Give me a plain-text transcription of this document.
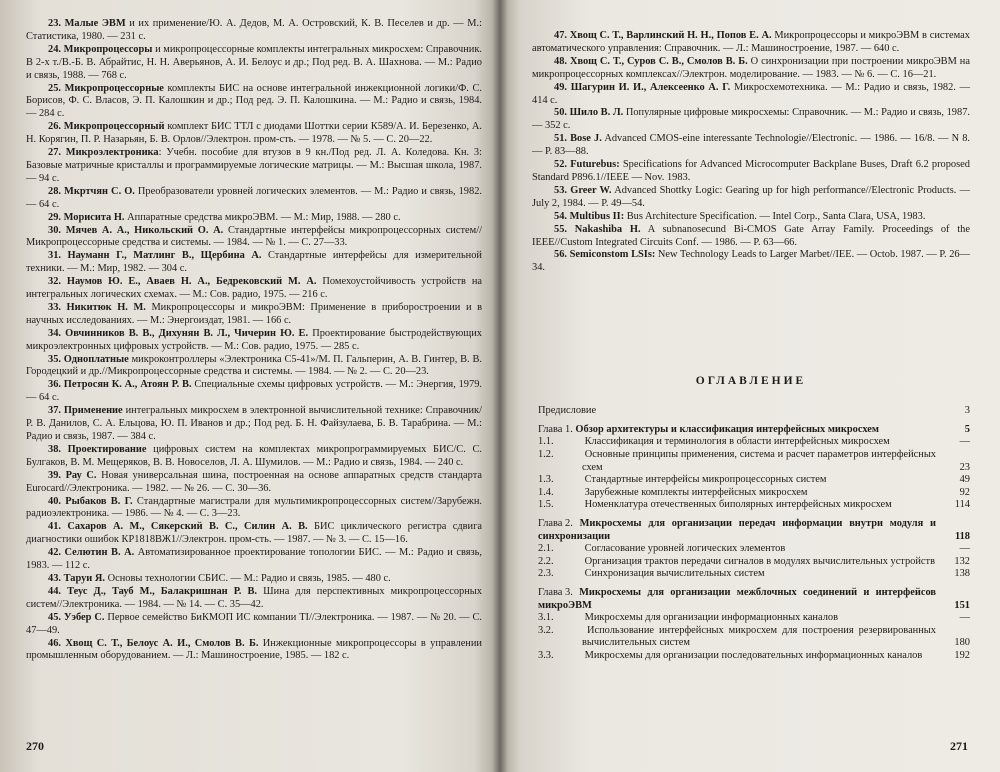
23. Малые ЭВМ и их применение/Ю. А. Дедов, М. А. Островский, К. В. Песелев и др. — М.: Статистика, 1980. — 231 с.

24. Микропроцессоры и микропроцессорные комплекты интегральных микросхем: Справочник. В 2-х т./В.-Б. В. Абрайтис, Н. Н. Аверьянов, А. И. Белоус и др.; Под ред. В. А. Шахнова. — М.: Радио и связь, 1988. — 768 с.

25. Микропроцессорные комплекты БИС на основе интегральной инжекционной логики/Ф. С. Борисов, Ф. С. Власов, Э. П. Калошкин и др.; Под ред. Э. П. Калошкина. — М.: Радио и связь, 1984. — 284 с.

26. Микропроцессорный комплект БИС ТТЛ с диодами Шоттки серии К589/А. И. Березенко, А. Н. Корягин, П. Р. Назарьян, Б. В. Орлов//Электрон. пром-сть. — 1978. — № 5. — С. 20—22.

27. Микроэлектроника: Учебн. пособие для втузов в 9 кн./Под ред. Л. А. Коледова. Кн. 3: Базовые матричные кристаллы и программируемые логические матрицы. — М.: Высшая школа, 1987. — 94 с.

28. Мкртчян С. О. Преобразователи уровней логических элементов. — М.: Радио и связь, 1982. — 64 с.

29. Морисита Н. Аппаратные средства микроЭВМ. — М.: Мир, 1988. — 280 с.

30. Мячев А. А., Никольский О. А. Стандартные интерфейсы микропроцессорных систем//Микропроцессорные средства и системы. — 1984. — № 1. — С. 27—33.

31. Науманн Г., Матлинг В., Щербина А. Стандартные интерфейсы для измерительной техники. — М.: Мир, 1982. — 304 с.

32. Наумов Ю. Е., Аваев Н. А., Бедрековский М. А. Помехоустойчивость устройств на интегральных логических схемах. — М.: Сов. радио, 1975. — 216 с.

33. Никитюк Н. М. Микропроцессоры и микроЭВМ: Применение в приборостроении и в научных исследованиях. — М.: Энергоиздат, 1981. — 166 с.

34. Овчинников В. В., Дихунян В. Л., Чичерин Ю. Е. Проектирование быстродействующих микроэлектронных цифровых устройств. — М.: Сов. радио, 1975. — 285 с.

35. Однoплатные микроконтроллеры «Электроника С5-41»/М. П. Гальперин, А. В. Гинтер, В. В. Городецкий и др.//Микропроцессорные средства и системы. — 1984. — № 2. — С. 20—23.

36. Петросян К. А., Атоян Р. В. Специальные схемы цифровых устройств. — М.: Энергия, 1979. — 64 с.

37. Применение интегральных микросхем в электронной вычислительной технике: Справочник/Р. В. Данилов, С. А. Ельцова, Ю. П. Иванов и др.; Под ред. Б. Н. Файзулаева, Б. В. Тарабрина. — М.: Радио и связь, 1987. — 384 с.

38. Проектирование цифровых систем на комплектах микропрограммируемых БИС/С. С. Булгаков, В. М. Мещеряков, В. В. Новоселов, Л. А. Шумилов. — М.: Радио и связь, 1984. — 240 с.

39. Рау С. Новая универсальная шина, построенная на основе аппаратных средств стандарта Eurocard//Электроника. — 1982. — № 26. — С. 30—36.

40. Рыбаков В. Г. Стандартные магистрали для мультимикропроцессорных систем//Зарубежн. радиоэлектроника. — 1986. — № 4. — С. 3—23.

41. Сахаров А. М., Сякерский В. С., Силин А. В. БИС циклического регистра сдвига диагностики ошибок КР1818ВЖ1//Электрон. пром-сть. — 1987. — № 3. — С. 15—16.

42. Селютин В. А. Автоматизированное проектирование топологии БИС. — М.: Радио и связь, 1983. — 112 с.

43. Таруи Я. Основы технологии СБИС. — М.: Радио и связь, 1985. — 480 с.

44. Теус Д., Тауб М., Балакришнан Р. В. Шина для перспективных микропроцессорных систем//Электроника. — 1984. — № 14. — С. 35—42.

45. Уэбер С. Первое семейство БиКМОП ИС компании TI//Электроника. — 1987. — № 20. — С. 47—49.

46. Хвощ С. Т., Белоус А. И., Смолов В. Б. Инжекционные микропроцессоры в управлении промышленным оборудованием. — Л.: Машиностроение, 1985. — 182 с.

270

47. Хвощ С. Т., Варлинский Н. Н., Попов Е. А. Микропроцессоры и микроЭВМ в системах автоматического управления: Справочник. — Л.: Машиностроение, 1987. — 640 с.

48. Хвощ С. Т., Суров С. В., Смолов В. Б. О синхронизации при построении микроЭВМ на микропроцессорных комплексах//Электрон. моделирование. — 1983. — № 6. — С. 16—21.

49. Шагурин И. И., Алексеенко А. Г. Микросхемотехника. — М.: Радио и связь, 1982. — 414 с.

50. Шило В. Л. Популярные цифровые микросхемы: Справочник. — М.: Радио и связь, 1987. — 352 с.

51. Bose J. Advanced CMOS-eine interessante Technologie//Electronic. — 1986. — 16/8. — N 8. — P. 83—88.

52. Futurebus: Specifications for Advanced Microcomputer Backplane Buses, Draft 6.2 proposed Standard P896.1//IEEE — Nov. 1983.

53. Greer W. Advanced Shottky Logic: Gearing up for high performance//Electronic Products. — July 2, 1984. — P. 49—54.

54. Multibus II: Bus Architecture Specification. — Intel Corp., Santa Clara, USA, 1983.

55. Nakashiba H. A subnanosecund Bi-CMOS Gate Array Family. Proceedings of the IEEE//Custom Integrated Circuits Conf. — 1986. — P. 63—66.

56. Semiconstom LSIs: New Technology Leads to Larger Marbet//IEE. — Octob. 1987. — P. 26—34.

ОГЛАВЛЕНИЕ
Предисловие	3
Глава 1. Обзор архитектуры и классификация интерфейсных микросхем	5
1.1.	Классификация и терминология в области интерфейсных микросхем	—
1.2.	Основные принципы применения, система и расчет параметров интерфейсных схем	23
1.3.	Стандартные интерфейсы микропроцессорных систем	49
1.4.	Зарубежные комплекты интерфейсных микросхем	92
1.5.	Номенклатура отечественных биполярных интерфейсных микросхем	114
Глава 2. Микросхемы для организации передач информации внутри модуля и синхронизации	118
2.1.	Согласование уровней логических элементов	—
2.2.	Организация трактов передачи сигналов в модулях вычислительных устройств	132
2.3.	Синхронизация вычислительных систем	138
Глава 3. Микросхемы для организации межблочных соединений и интерфейсов микроЭВМ	151
3.1.	Микросхемы для организации информационных каналов	—
3.2.	Использование интерфейсных микросхем для построения резервированных вычислительных систем	180
3.3.	Микросхемы для организации последовательных информационных каналов	192
271
